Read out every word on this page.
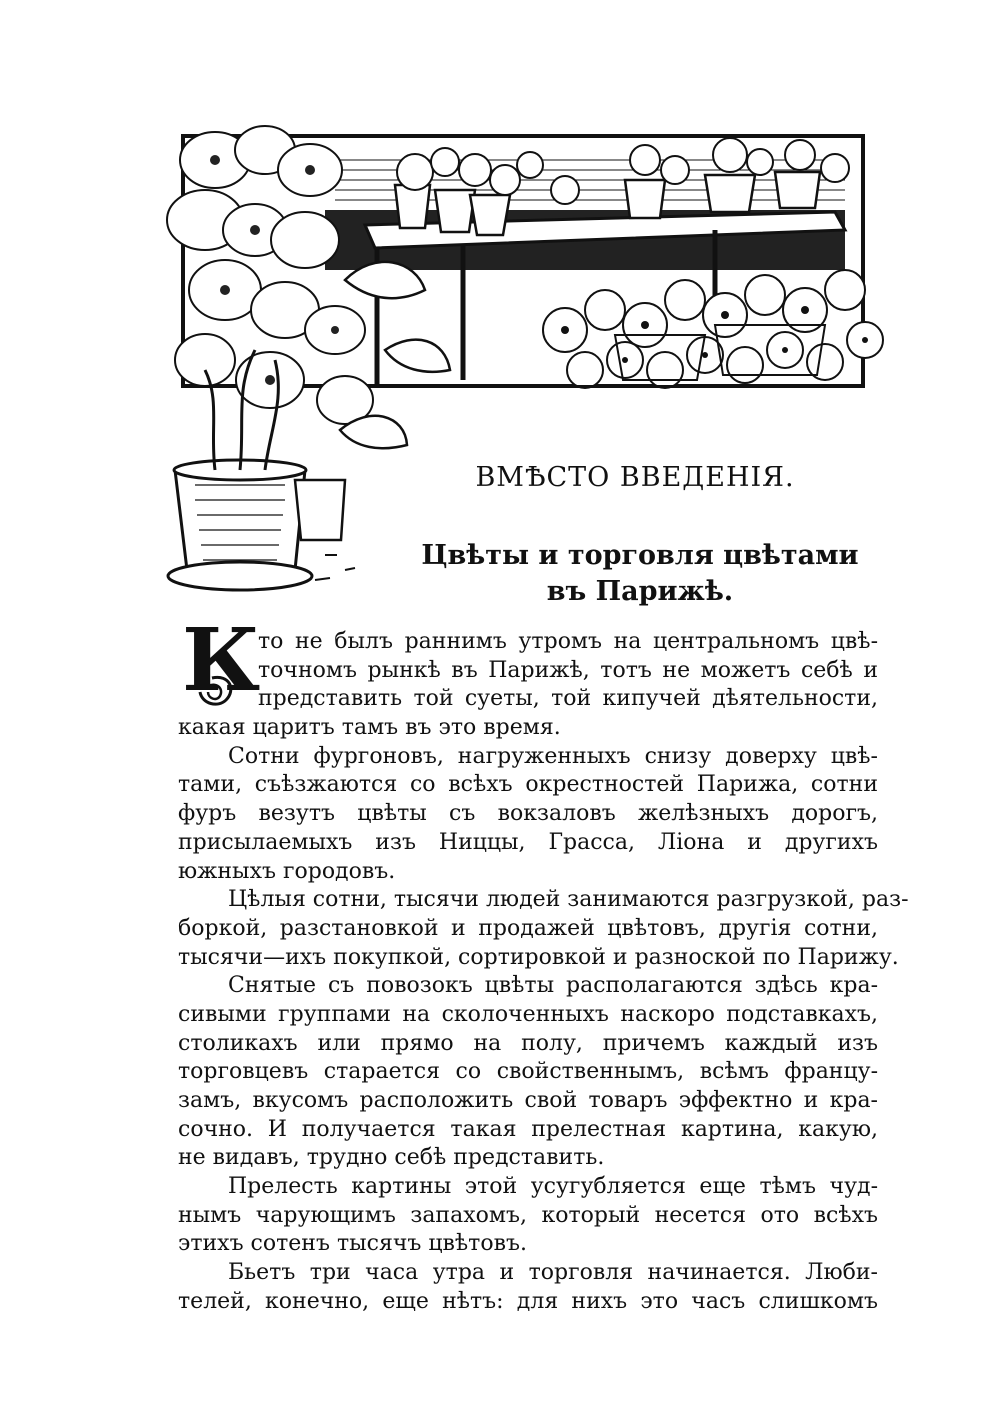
ВМѢСТО ВВЕДЕНІЯ.
Цвѣты и торговля цвѣтами
въ Парижѣ.
К
то не былъ раннимъ утромъ на центральномъ цвѣ-
точномъ рынкѣ въ Парижѣ, тотъ не можетъ себѣ и
представить той суеты, той кипучей дѣятельности,
какая царитъ тамъ въ это время.
Сотни фургоновъ, нагруженныхъ снизу доверху цвѣ-
тами, съѣзжаются со всѣхъ окрестностей Парижа, сотни
фуръ везутъ цвѣты съ вокзаловъ желѣзныхъ дорогъ,
присылаемыхъ изъ Ниццы, Грасса, Ліона и другихъ
южныхъ городовъ.
Цѣлыя сотни, тысячи людей занимаются разгрузкой, раз-
боркой, разстановкой и продажей цвѣтовъ, другія сотни,
тысячи—ихъ покупкой, сортировкой и разноской по Парижу.
Снятые съ повозокъ цвѣты располагаются здѣсь кра-
сивыми группами на сколоченныхъ наскоро подставкахъ,
столикахъ или прямо на полу, причемъ каждый изъ
торговцевъ старается со свойственнымъ, всѣмъ францу-
замъ, вкусомъ расположить свой товаръ эффектно и кра-
сочно. И получается такая прелестная картина, какую,
не видавъ, трудно себѣ представить.
Прелесть картины этой усугубляется еще тѣмъ чуд-
нымъ чарующимъ запахомъ, который несется ото всѣхъ
этихъ сотенъ тысячъ цвѣтовъ.
Бьетъ три часа утра и торговля начинается. Люби-
телей, конечно, еще нѣтъ: для нихъ это часъ слишкомъ
